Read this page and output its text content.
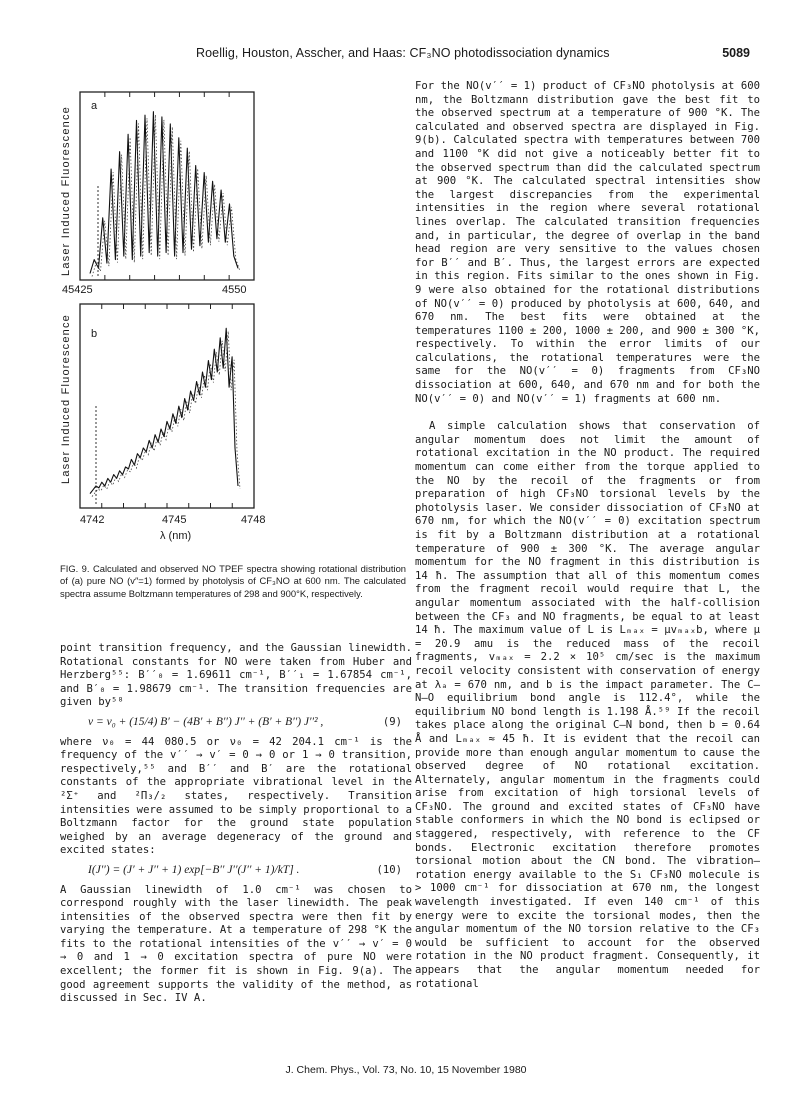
Roellig, Houston, Asscher, and Haas: CF₃NO photodissociation dynamics	5089
Laser Induced Fluorescence a
45425	4550
Laser Induced Fluorescence b
4742	4745	4748
λ (nm)
FIG. 9. Calculated and observed NO TPEF spectra showing rotational distribution of (a) pure NO (v″=1) formed by photolysis of CF₃NO at 600 nm. The calculated spectra assume Boltzmann temperatures of 298 and 900°K, respectively.

point transition frequency, and the Gaussian linewidth. Rotational constants for NO were taken from Huber and Herzberg⁵⁵: B′′₀ = 1.69611 cm⁻¹, B′′₁ = 1.67854 cm⁻¹, and B′₀ = 1.98679 cm⁻¹. The transition frequencies are given by⁵⁸

ν = ν₀ + (15/4) B′ − (4B′ + B′′) J′′ + (B′ + B′′) J′′² ,	(9)

where ν₀ = 44 080.5 or ν₀ = 42 204.1 cm⁻¹ is the frequency of the v′′ → v′ = 0 → 0 or 1 → 0 transition, respectively,⁵⁵ and B′′ and B′ are the rotational constants of the appropriate vibrational level in the ²Σ⁺ and ²Π₃/₂ states, respectively. Transition intensities were assumed to be simply proportional to a Boltzmann factor for the ground state population weighed by an average degeneracy of the ground and excited states:

I(J′′) = (J′ + J′′ + 1) exp[−B′′ J′′(J′′ + 1)/kT] .	(10)

A Gaussian linewidth of 1.0 cm⁻¹ was chosen to correspond roughly with the laser linewidth. The peak intensities of the observed spectra were then fit by varying the temperature. At a temperature of 298 °K the fits to the rotational intensities of the v′′ → v′ = 0 → 0 and 1 → 0 excitation spectra of pure NO were excellent; the former fit is shown in Fig. 9(a). The good agreement supports the validity of the method, as discussed in Sec. IV A.

For the NO(v′′ = 1) product of CF₃NO photolysis at 600 nm, the Boltzmann distribution gave the best fit to the observed spectrum at a temperature of 900 °K. The calculated and observed spectra are displayed in Fig. 9(b). Calculated spectra with temperatures between 700 and 1100 °K did not give a noticeably better fit to the observed spectrum than did the calculated spectrum at 900 °K. The calculated spectral intensities show the largest discrepancies from the experimental intensities in the region where several rotational lines overlap. The calculated transition frequencies and, in particular, the degree of overlap in the band head region are very sensitive to the values chosen for B′′ and B′. Thus, the largest errors are expected in this region. Fits similar to the ones shown in Fig. 9 were also obtained for the rotational distributions of NO(v′′ = 0) produced by photolysis at 600, 640, and 670 nm. The best fits were obtained at the temperatures 1100 ± 200, 1000 ± 200, and 900 ± 300 °K, respectively. To within the error limits of our calculations, the rotational temperatures were the same for the NO(v′′ = 0) fragments from CF₃NO dissociation at 600, 640, and 670 nm and for both the NO(v′′ = 0) and NO(v′′ = 1) fragments at 600 nm.

A simple calculation shows that conservation of angular momentum does not limit the amount of rotational excitation in the NO product. The required momentum can come either from the torque applied to the NO by the recoil of the fragments or from preparation of high CF₃NO torsional levels by the photolysis laser. We consider dissociation of CF₃NO at 670 nm, for which the NO(v′′ = 0) excitation spectrum is fit by a Boltzmann distribution at a rotational temperature of 900 ± 300 °K. The average angular momentum for the NO fragment in this distribution is 14 ħ. The assumption that all of this momentum comes from the fragment recoil would require that L, the angular momentum associated with the half-collision between the CF₃ and NO fragments, be equal to at least 14 ħ. The maximum value of L is Lₘₐₓ = μvₘₐₓb, where μ = 20.9 amu is the reduced mass of the recoil fragments, vₘₐₓ = 2.2 × 10⁵ cm/sec is the maximum recoil velocity consistent with conservation of energy at λₐ = 670 nm, and b is the impact parameter. The C–N–O equilibrium bond angle is 112.4°, while the equilibrium NO bond length is 1.198 Å.⁵⁹ If the recoil takes place along the original C–N bond, then b = 0.64 Å and Lₘₐₓ ≈ 45 ħ. It is evident that the recoil can provide more than enough angular momentum to cause the observed degree of NO rotational excitation. Alternately, angular momentum in the fragments could arise from excitation of high torsional levels of CF₃NO. The ground and excited states of CF₃NO have stable conformers in which the NO bond is eclipsed or staggered, respectively, with reference to the CF bonds. Electronic excitation therefore promotes torsional motion about the CN bond. The vibration–rotation energy available to the S₁ CF₃NO molecule is > 1000 cm⁻¹ for dissociation at 670 nm, the longest wavelength investigated. If even 140 cm⁻¹ of this energy were to excite the torsional modes, then the angular momentum of the NO torsion relative to the CF₃ would be sufficient to account for the observed rotation in the NO product fragment. Consequently, it appears that the angular momentum needed for rotational

J. Chem. Phys., Vol. 73, No. 10, 15 November 1980
